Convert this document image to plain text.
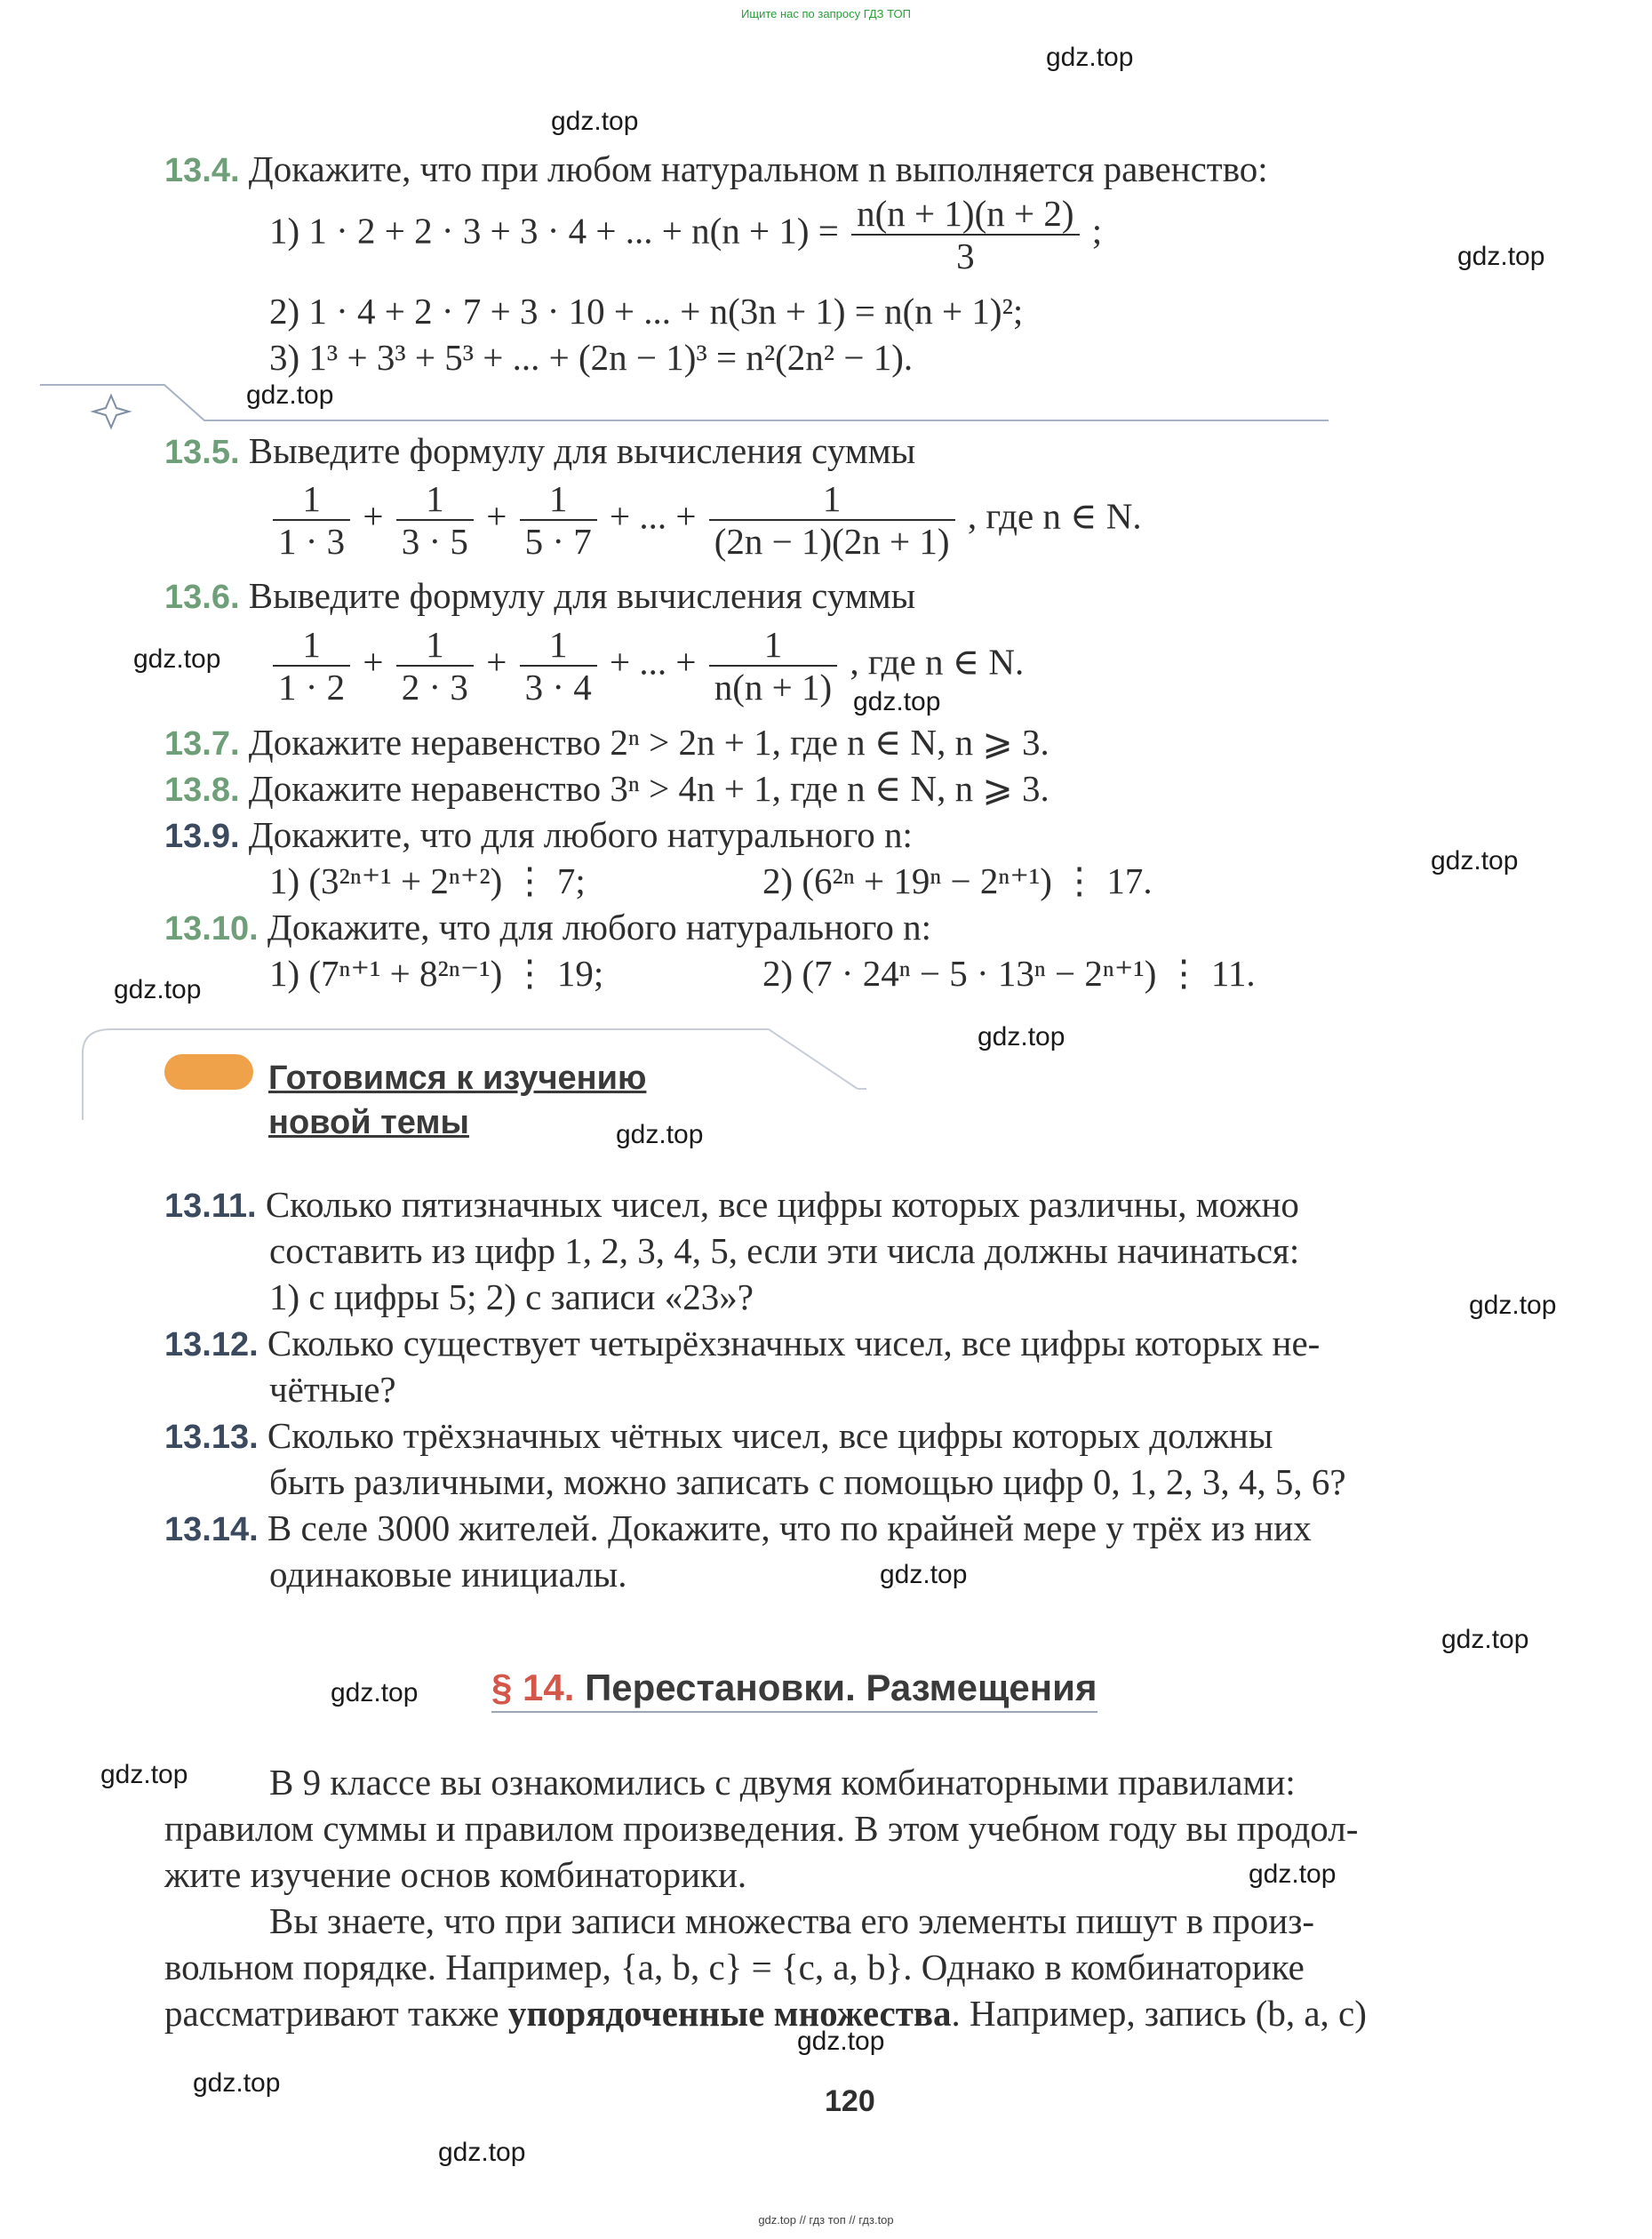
Ищите нас по запросу ГДЗ ТОП
gdz.top
gdz.top
gdz.top
gdz.top
gdz.top
gdz.top
gdz.top
gdz.top
gdz.top
gdz.top
gdz.top
gdz.top
gdz.top
gdz.top
gdz.top
gdz.top
gdz.top
gdz.top
gdz.top
13.4. Докажите, что при любом натуральном n выполняется равенство:
1) 1 · 2 + 2 · 3 + 3 · 4 + ... + $n(n + 1) = \frac{n(n + 1)(n + 2)}{3}$ ;
2) 1 · 4 + 2 · 7 + 3 · 10 + ... + n(3n + 1) = n(n + 1)²;
3) 1³ + 3³ + 5³ + ... + (2n − 1)³ = n²(2n² − 1).
13.5. Выведите формулу для вычисления суммы
$\frac{1}{1 \cdot 3} + \frac{1}{3 \cdot 5} + \frac{1}{5 \cdot 7}$ + ... + $\frac{1}{(2n - 1)(2n + 1)}$ , где n ∈ N.
13.6. Выведите формулу для вычисления суммы
$\frac{1}{1 \cdot 2} + \frac{1}{2 \cdot 3} + \frac{1}{3 \cdot 4}$ + ... + $\frac{1}{n(n + 1)}$ , где n ∈ N.
13.7. Докажите неравенство 2ⁿ > 2n + 1, где n ∈ N, n ⩾ 3.
13.8. Докажите неравенство 3ⁿ > 4n + 1, где n ∈ N, n ⩾ 3.
13.9. Докажите, что для любого натурального n:
1) (3²ⁿ⁺¹ + 2ⁿ⁺²) ⋮ 7;	2) (6²ⁿ + 19ⁿ − 2ⁿ⁺¹) ⋮ 17.
13.10. Докажите, что для любого натурального n:
1) (7ⁿ⁺¹ + 8²ⁿ⁻¹) ⋮ 19;	2) (7 · 24ⁿ − 5 · 13ⁿ − 2ⁿ⁺¹) ⋮ 11.
Готовимся к изучению
новой темы
13.11. Сколько пятизначных чисел, все цифры которых различны, можно
составить из цифр 1, 2, 3, 4, 5, если эти числа должны начинаться:
1) с цифры 5; 2) с записи «23»?
13.12. Сколько существует четырёхзначных чисел, все цифры которых не-
чётные?
13.13. Сколько трёхзначных чётных чисел, все цифры которых должны
быть различными, можно записать с помощью цифр 0, 1, 2, 3, 4, 5, 6?
13.14. В селе 3000 жителей. Докажите, что по крайней мере у трёх из них
одинаковые инициалы.
§ 14. Перестановки. Размещения
В 9 классе вы ознакомились с двумя комбинаторными правилами:
правилом суммы и правилом произведения. В этом учебном году вы продол-
жите изучение основ комбинаторики.
Вы знаете, что при записи множества его элементы пишут в произ-
вольном порядке. Например, {a, b, c} = {c, a, b}. Однако в комбинаторике
рассматривают также упорядоченные множества. Например, запись (b, a, c)
120
gdz.top // гдз топ // гдз.top
